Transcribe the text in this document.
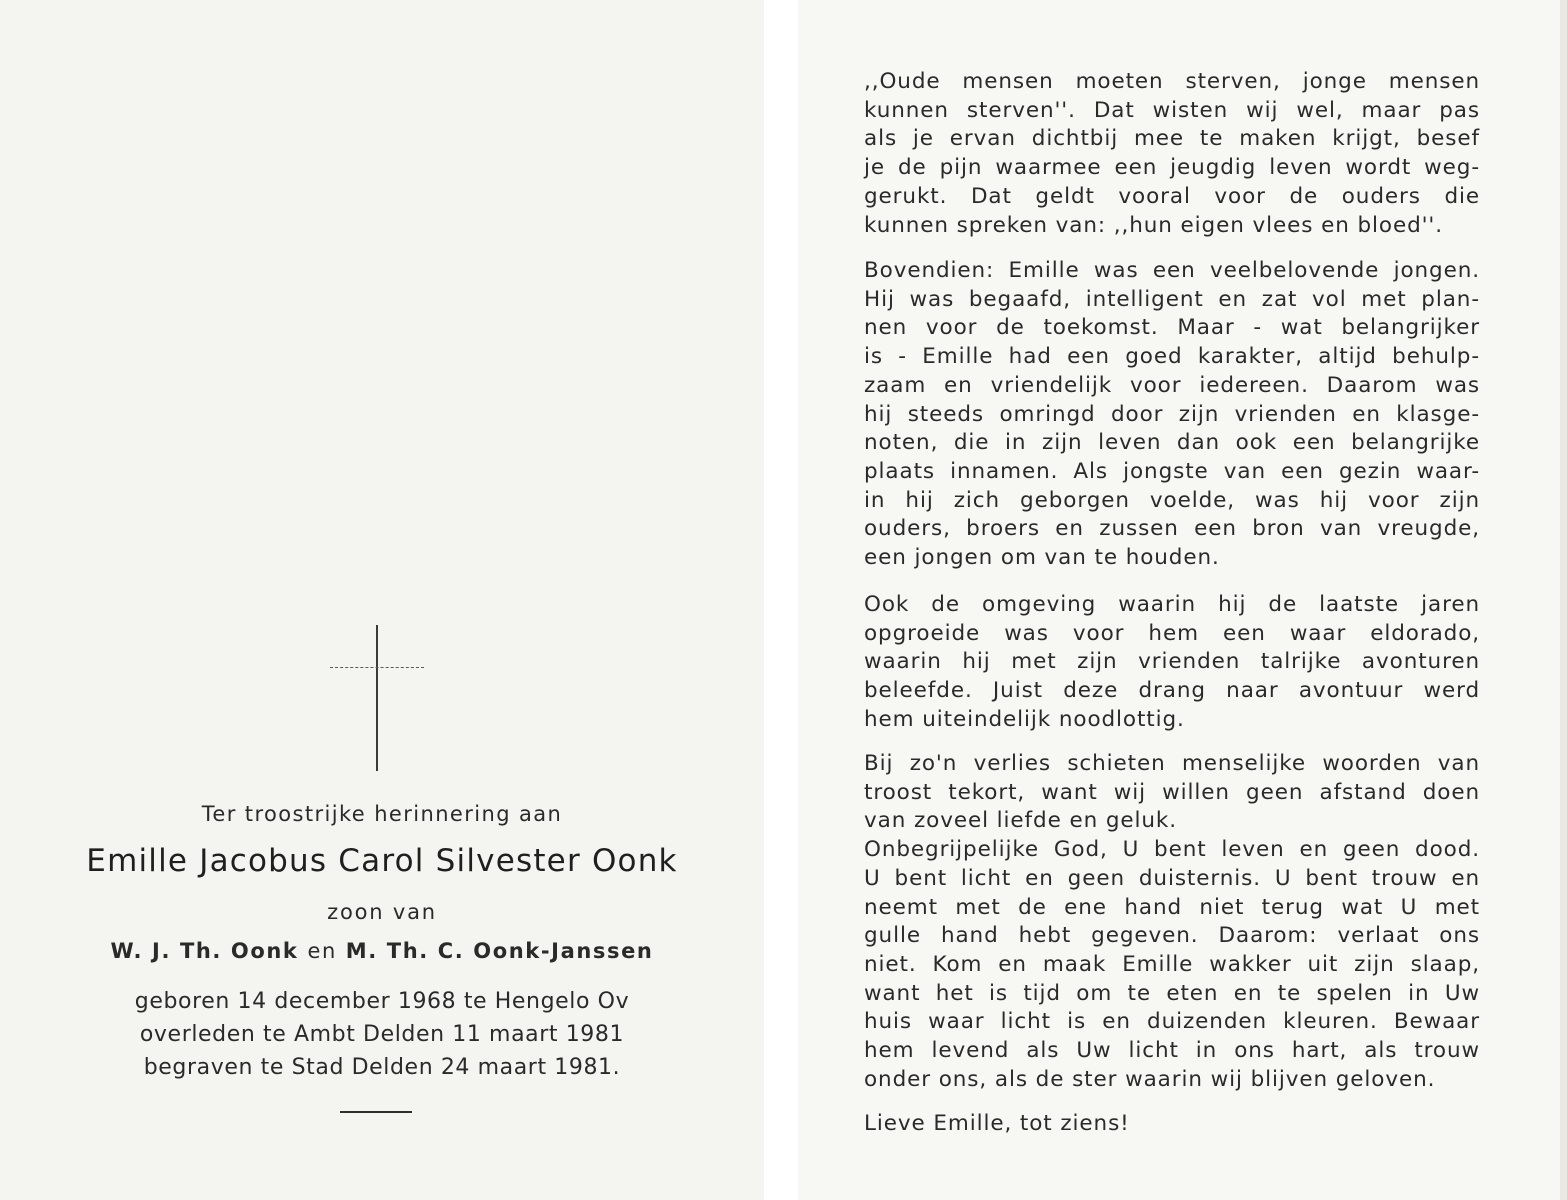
Ter troostrijke herinnering aan
Emille Jacobus Carol Silvester Oonk
zoon van
W. J. Th. Oonk en M. Th. C. Oonk-Janssen
geboren 14 december 1968 te Hengelo Ov
overleden te Ambt Delden 11 maart 1981
begraven te Stad Delden 24 maart 1981.
,,Oude mensen moeten sterven, jonge mensen
kunnen sterven''. Dat wisten wij wel, maar pas
als je ervan dichtbij mee te maken krijgt, besef
je de pijn waarmee een jeugdig leven wordt weg-
gerukt. Dat geldt vooral voor de ouders die
kunnen spreken van: ,,hun eigen vlees en bloed''.
Bovendien: Emille was een veelbelovende jongen.
Hij was begaafd, intelligent en zat vol met plan-
nen voor de toekomst. Maar - wat belangrijker
is - Emille had een goed karakter, altijd behulp-
zaam en vriendelijk voor iedereen. Daarom was
hij steeds omringd door zijn vrienden en klasge-
noten, die in zijn leven dan ook een belangrijke
plaats innamen. Als jongste van een gezin waar-
in hij zich geborgen voelde, was hij voor zijn
ouders, broers en zussen een bron van vreugde,
een jongen om van te houden.
Ook de omgeving waarin hij de laatste jaren
opgroeide was voor hem een waar eldorado,
waarin hij met zijn vrienden talrijke avonturen
beleefde. Juist deze drang naar avontuur werd
hem uiteindelijk noodlottig.
Bij zo'n verlies schieten menselijke woorden van
troost tekort, want wij willen geen afstand doen
van zoveel liefde en geluk.
Onbegrijpelijke God, U bent leven en geen dood.
U bent licht en geen duisternis. U bent trouw en
neemt met de ene hand niet terug wat U met
gulle hand hebt gegeven. Daarom: verlaat ons
niet. Kom en maak Emille wakker uit zijn slaap,
want het is tijd om te eten en te spelen in Uw
huis waar licht is en duizenden kleuren. Bewaar
hem levend als Uw licht in ons hart, als trouw
onder ons, als de ster waarin wij blijven geloven.
Lieve Emille, tot ziens!
